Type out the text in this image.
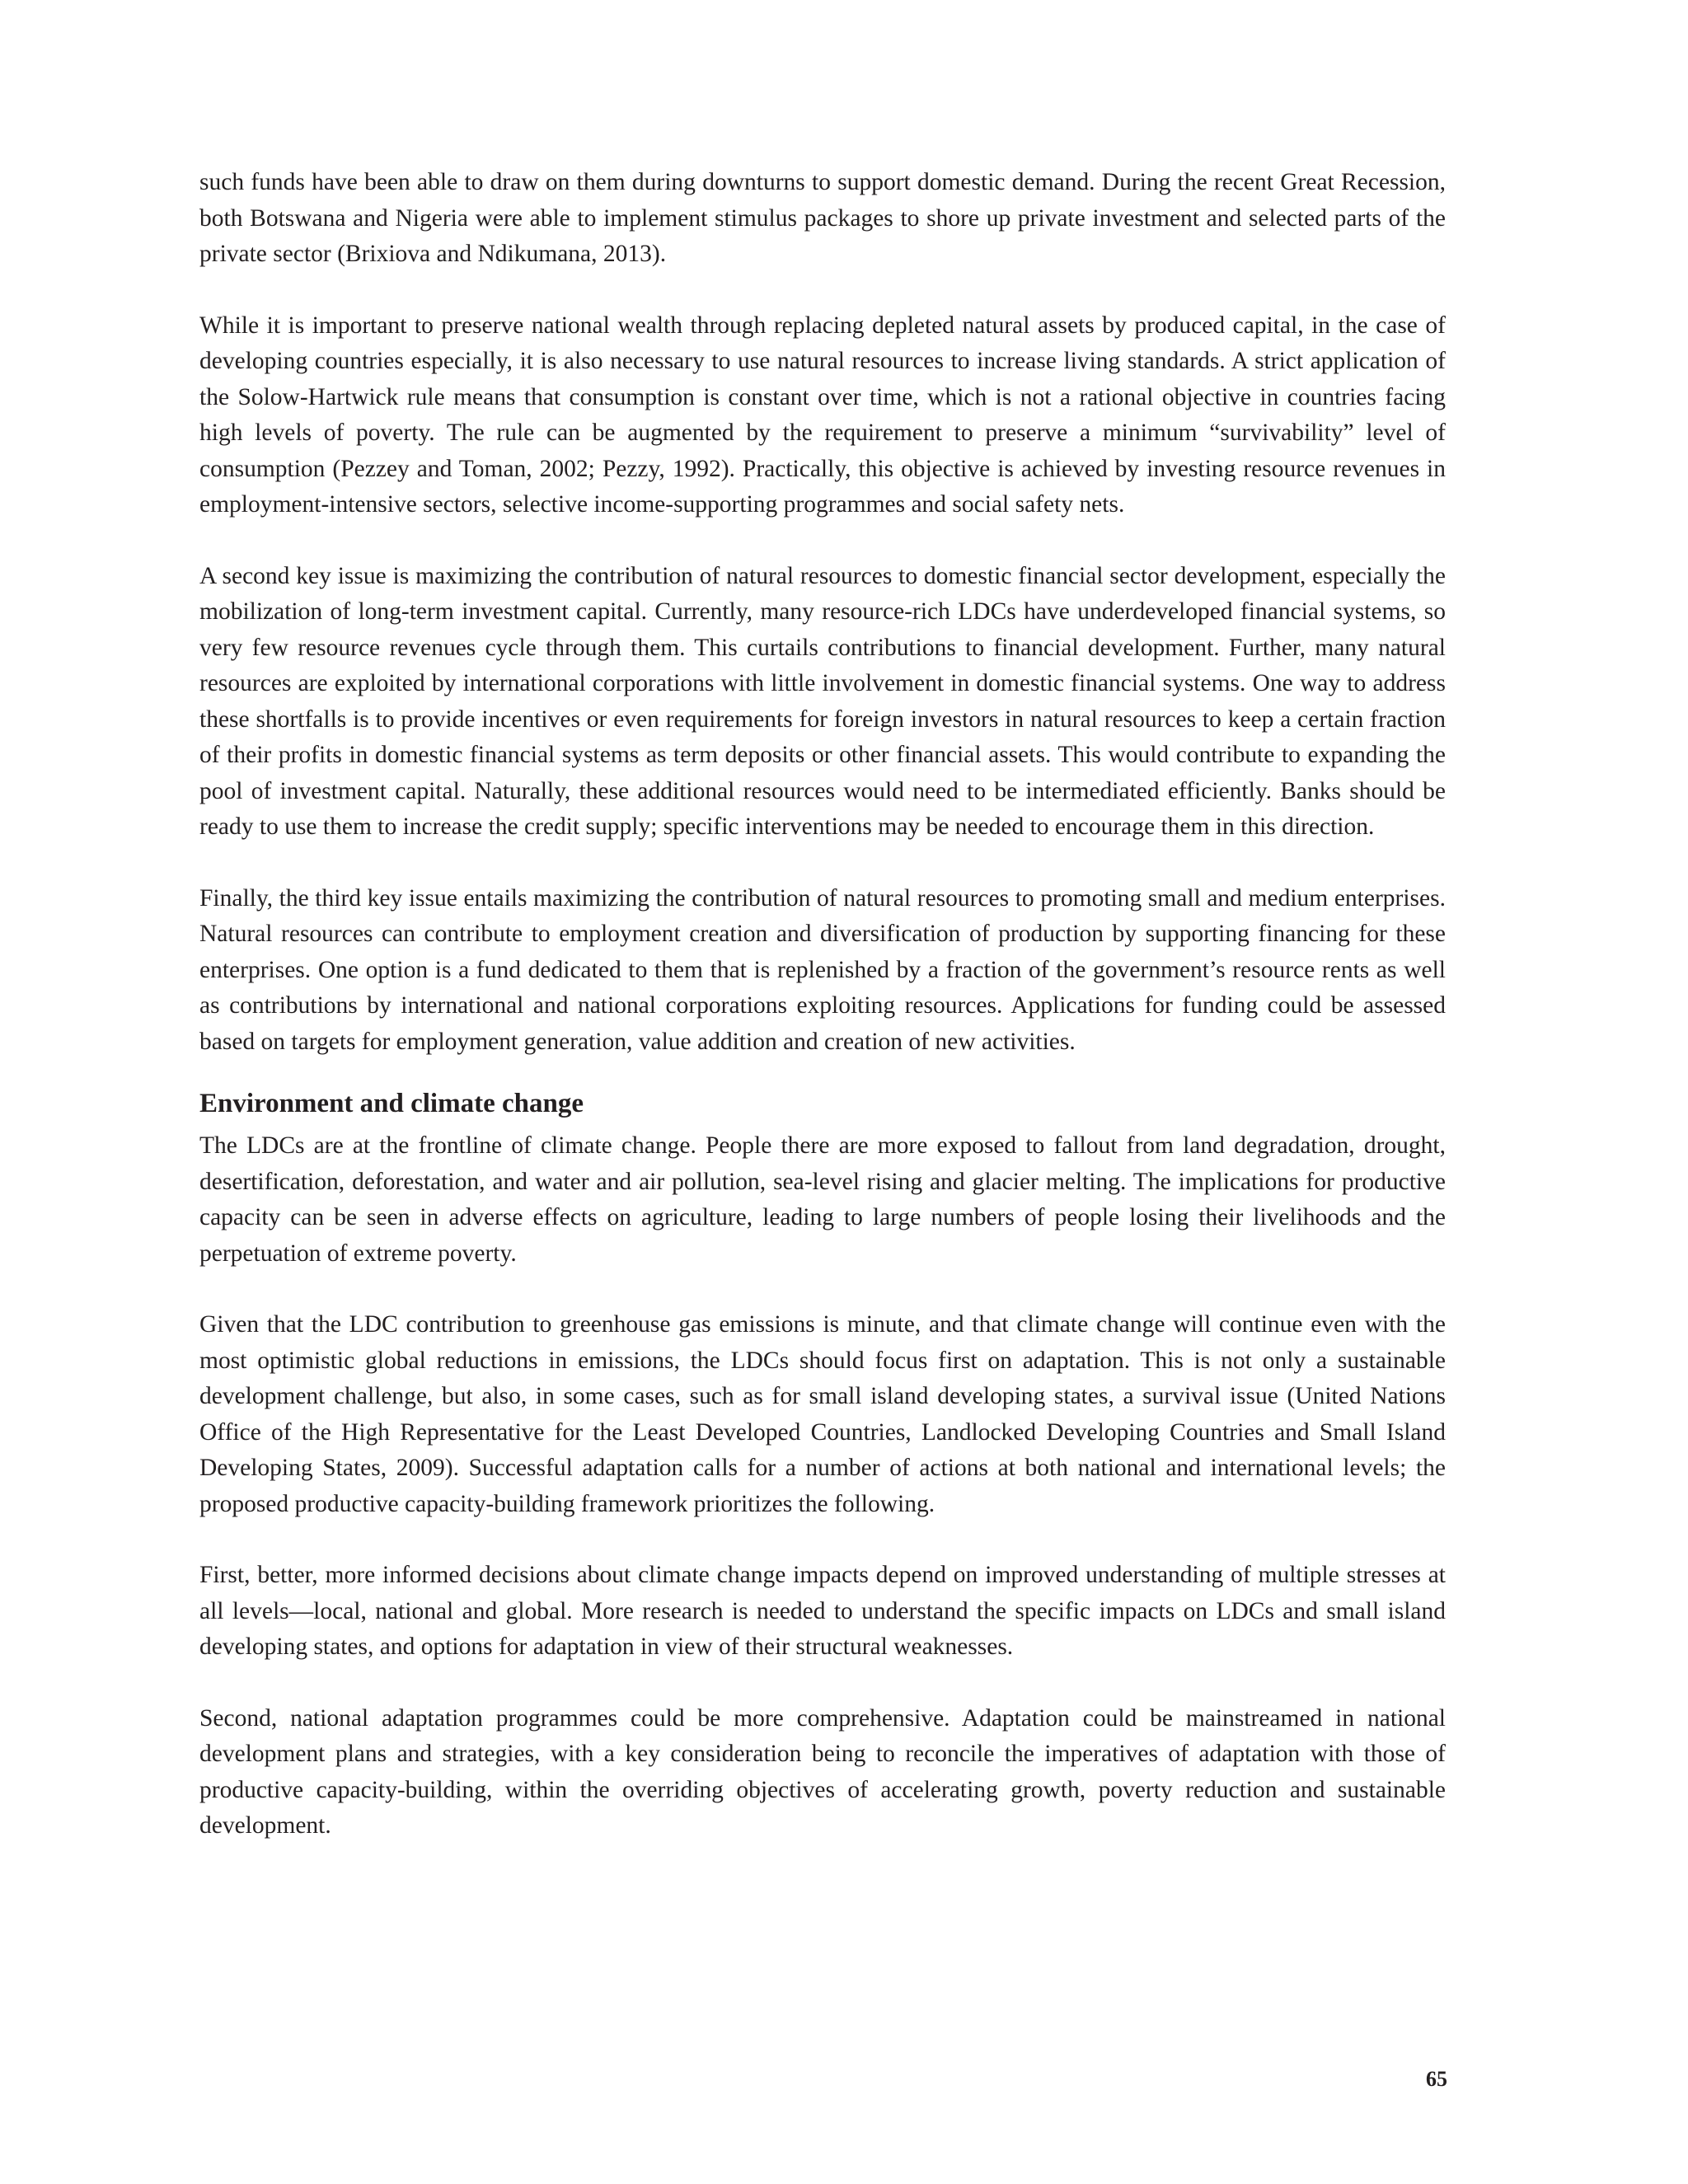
such funds have been able to draw on them during downturns to support domestic demand. During the recent Great Recession, both Botswana and Nigeria were able to implement stimulus packages to shore up private investment and selected parts of the private sector (Brixiova and Ndikumana, 2013).

While it is important to preserve national wealth through replacing depleted natural assets by produced capital, in the case of developing countries especially, it is also necessary to use natural resources to increase living standards. A strict application of the Solow-Hartwick rule means that consumption is constant over time, which is not a rational objective in countries facing high levels of poverty. The rule can be augmented by the requirement to preserve a minimum “survivability” level of consumption (Pezzey and Toman, 2002; Pezzy, 1992). Practically, this objective is achieved by investing resource revenues in employment-intensive sectors, selective income-supporting programmes and social safety nets.

A second key issue is maximizing the contribution of natural resources to domestic financial sector development, especially the mobilization of long-term investment capital. Currently, many resource-rich LDCs have underdeveloped financial systems, so very few resource revenues cycle through them. This curtails contributions to financial development. Further, many natural resources are exploited by international corporations with little involvement in domestic financial systems. One way to address these shortfalls is to provide incentives or even requirements for foreign investors in natural resources to keep a certain fraction of their profits in domestic financial systems as term deposits or other financial assets. This would contribute to expanding the pool of investment capital. Naturally, these additional resources would need to be intermediated efficiently. Banks should be ready to use them to increase the credit supply; specific interventions may be needed to encourage them in this direction.

Finally, the third key issue entails maximizing the contribution of natural resources to promoting small and medium enterprises. Natural resources can contribute to employment creation and diversification of production by supporting financing for these enterprises. One option is a fund dedicated to them that is replenished by a fraction of the government’s resource rents as well as contributions by international and national corporations exploiting resources. Applications for funding could be assessed based on targets for employment generation, value addition and creation of new activities.

Environment and climate change

The LDCs are at the frontline of climate change. People there are more exposed to fallout from land degradation, drought, desertification, deforestation, and water and air pollution, sea-level rising and glacier melting. The implications for productive capacity can be seen in adverse effects on agriculture, leading to large numbers of people losing their livelihoods and the perpetuation of extreme poverty.

Given that the LDC contribution to greenhouse gas emissions is minute, and that climate change will continue even with the most optimistic global reductions in emissions, the LDCs should focus first on adaptation. This is not only a sustainable development challenge, but also, in some cases, such as for small island developing states, a survival issue (United Nations Office of the High Representative for the Least Developed Countries, Landlocked Developing Countries and Small Island Developing States, 2009). Successful adaptation calls for a number of actions at both national and international levels; the proposed productive capacity-building framework prioritizes the following.

First, better, more informed decisions about climate change impacts depend on improved understanding of multiple stresses at all levels—local, national and global. More research is needed to understand the specific impacts on LDCs and small island developing states, and options for adaptation in view of their structural weaknesses.

Second, national adaptation programmes could be more comprehensive. Adaptation could be mainstreamed in national development plans and strategies, with a key consideration being to reconcile the imperatives of adaptation with those of productive capacity-building, within the overriding objectives of accelerating growth, poverty reduction and sustainable development.

65
